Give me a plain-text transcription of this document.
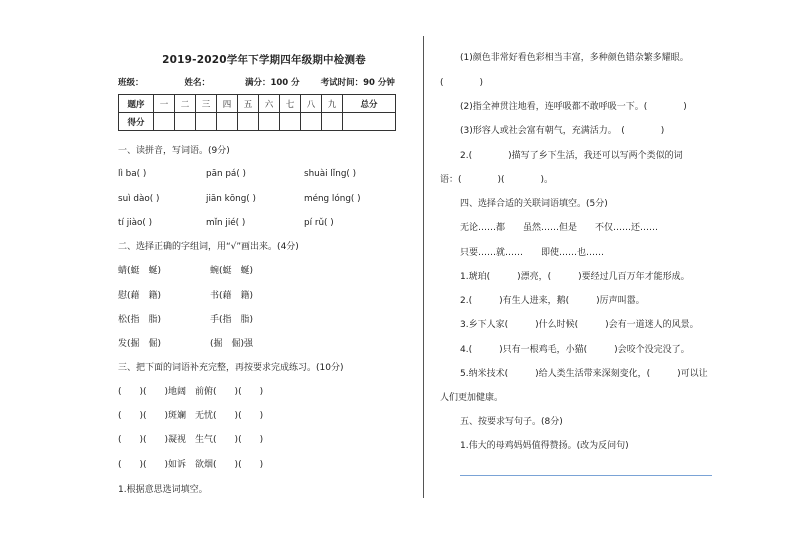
2019-2020学年下学期四年级期中检测卷
班级：	姓名：	满分：100 分 考试时间：90 分钟
题序	一	二	三	四	五	六	七	八	九	总分
得分										
一、读拼音，写词语。(9分)
lì ba( )	pān pá( )	shuài lǐng( )
suì dào( )	jiān kōng( )	méng lóng( )
tí jiào( )	mǐn jié( )	pí rǔ( )
二、选择正确的字组词，用“√”画出来。(4分)
蜻(蜓　蜒)	蜿(蜓　蜒)
慰(藉　籍)	书(藉　籍)
松(指　脂)	手(指　脂)
发(掘　倔)	(掘　倔)强
三、把下面的词语补充完整，再按要求完成练习。(10分)
(　　)(　　)地阔　前俯(　　)(　　)
(　　)(　　)斑斓　无忧(　　)(　　)
(　　)(　　)凝视　生气(　　)(　　)
(　　)(　　)如诉　欲烟(　　)(　　)
1.根据意思选词填空。
(1)颜色非常好看色彩相当丰富，多种颜色错杂繁多耀眼。
(　　　　)
(2)指全神贯注地看，连呼吸都不敢呼吸一下。(　　　　)
(3)形容人或社会富有朝气，充满活力。　(　　　　)
2.(　　　　)描写了乡下生活，我还可以写两个类似的词
语：(　　　　)(　　　　)。
四、选择合适的关联词语填空。(5分)
无论……都　　虽然……但是　　不仅……还……
只要……就……　　即使……也……
1.琥珀(　　　)漂亮，(　　　)要经过几百万年才能形成。
2.(　　　)有生人进来，鹅(　　　)厉声叫嚣。
3.乡下人家(　　　)什么时候(　　　)会有一道迷人的风景。
4.(　　　)只有一根鸡毛，小猫(　　　)会咬个没完没了。
5.纳米技术(　　　)给人类生活带来深刻变化，(　　　)可以让
人们更加健康。
五、按要求写句子。(8分)
1.伟大的母鸡妈妈值得赞扬。(改为反问句)
